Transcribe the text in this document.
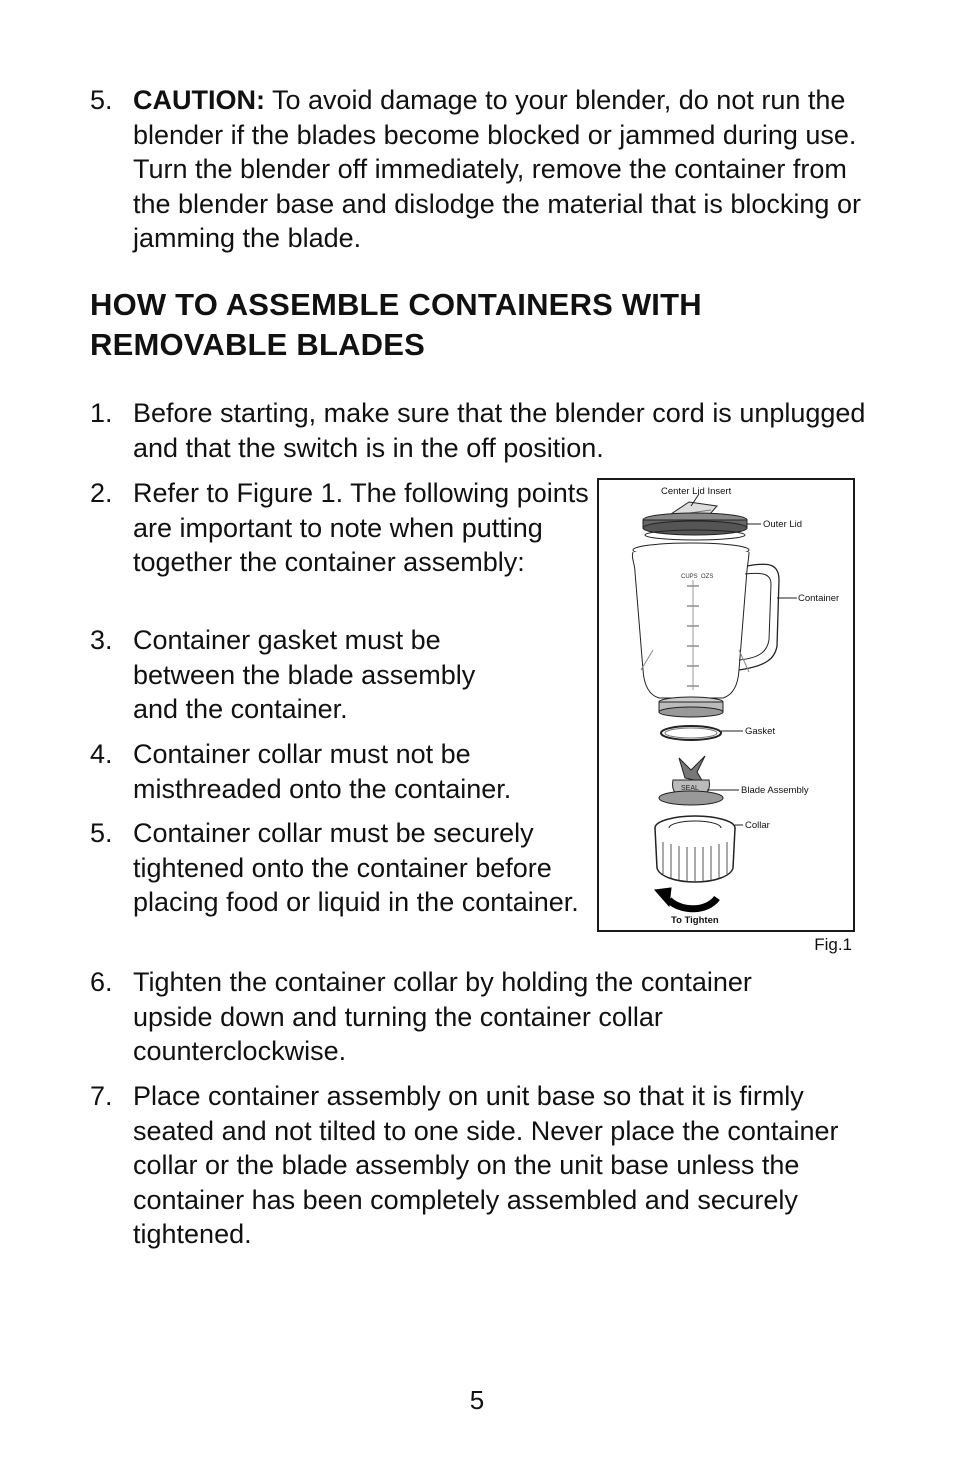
5. CAUTION: To avoid damage to your blender, do not run the blender if the blades become blocked or jammed during use. Turn the blender off immediately, remove the container from the blender base and dislodge the material that is blocking or jamming the blade.
HOW TO ASSEMBLE CONTAINERS WITH REMOVABLE BLADES
1. Before starting, make sure that the blender cord is unplugged and that the switch is in the off position.
2. Refer to Figure 1. The following points are important to note when putting together the container assembly:
3. Container gasket must be between the blade assembly and the container.
4. Container collar must not be misthreaded onto the container.
5. Container collar must be securely tightened onto the container before placing food or liquid in the container.
6. Tighten the container collar by holding the container upside down and turning the container collar counterclockwise.
7. Place container assembly on unit base so that it is firmly seated and not tilted to one side. Never place the container collar or the blade assembly on the unit base unless the container has been completely assembled and securely tightened.
CUPS OZS
SEAL
Center Lid Insert
Outer Lid
Container
Gasket
Blade Assembly
Collar
To Tighten
Fig.1
5
